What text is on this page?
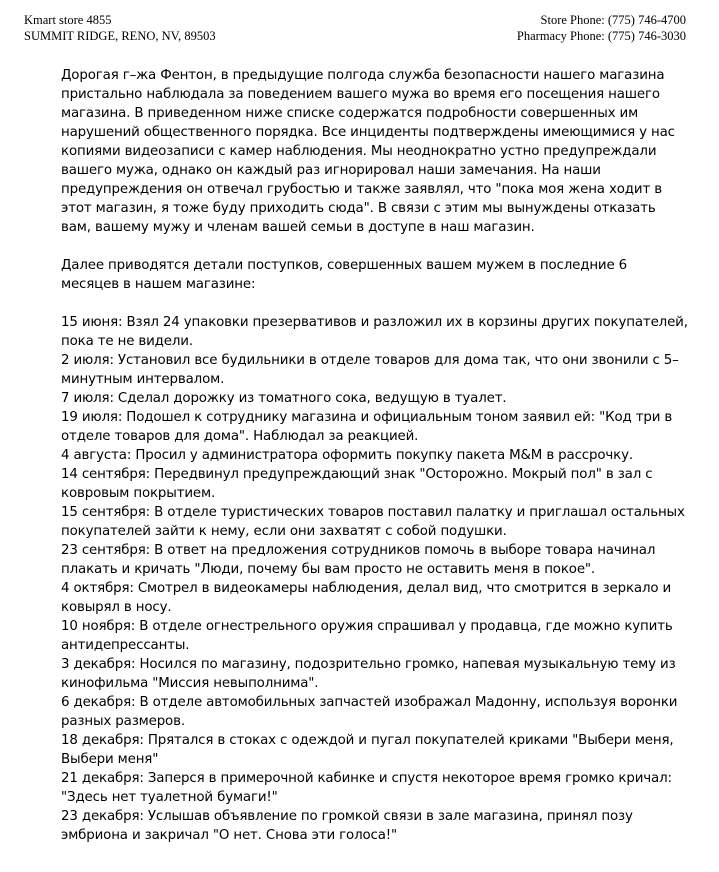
Kmart store 4855
SUMMIT RIDGE, RENO, NV, 89503
Store Phone: (775) 746-4700
Pharmacy Phone: (775) 746-3030

Дорогая г–жа Фентон, в предыдущие полгода служба безопасности нашего магазина пристально наблюдала за поведением вашего мужа во время его посещения нашего магазина. В приведенном ниже списке содержатся подробности совершенных им нарушений общественного порядка. Все инциденты подтверждены имеющимися у нас копиями видеозаписи с камер наблюдения. Мы неоднократно устно предупреждали вашего мужа, однако он каждый раз игнорировал наши замечания. На наши предупреждения он отвечал грубостью и также заявлял, что "пока моя жена ходит в этот магазин, я тоже буду приходить сюда". В связи с этим мы вынуждены отказать вам, вашему мужу и членам вашей семьи в доступе в наш магазин.

Далее приводятся детали поступков, совершенных вашем мужем в последние 6 месяцев в нашем магазине:

15 июня: Взял 24 упаковки презервативов и разложил их в корзины других покупателей, пока те не видели.

2 июля: Установил все будильники в отделе товаров для дома так, что они звонили с 5–минутным интервалом.

7 июля: Сделал дорожку из томатного сока, ведущую в туалет.

19 июля: Подошел к сотруднику магазина и официальным тоном заявил ей: "Код три в отделе товаров для дома". Наблюдал за реакцией.

4 августа: Просил у администратора оформить покупку пакета M&M в рассрочку.

14 сентября: Передвинул предупреждающий знак "Осторожно. Мокрый пол" в зал с ковровым покрытием.

15 сентября: В отделе туристических товаров поставил палатку и приглашал остальных покупателей зайти к нему, если они захватят с собой подушки.

23 сентября: В ответ на предложения сотрудников помочь в выборе товара начинал плакать и кричать "Люди, почему бы вам просто не оставить меня в покое".

4 октября: Смотрел в видеокамеры наблюдения, делал вид, что смотрится в зеркало и ковырял в носу.

10 ноября: В отделе огнестрельного оружия спрашивал у продавца, где можно купить антидепрессанты.

3 декабря: Носился по магазину, подозрительно громко, напевая музыкальную тему из кинофильма "Миссия невыполнима".

6 декабря: В отделе автомобильных запчастей изображал Мадонну, используя воронки разных размеров.

18 декабря: Прятался в стоках с одеждой и пугал покупателей криками "Выбери меня, Выбери меня"

21 декабря: Заперся в примерочной кабинке и спустя некоторое время громко кричал: "Здесь нет туалетной бумаги!"

23 декабря: Услышав объявление по громкой связи в зале магазина, принял позу эмбриона и закричал "О нет. Снова эти голоса!"
